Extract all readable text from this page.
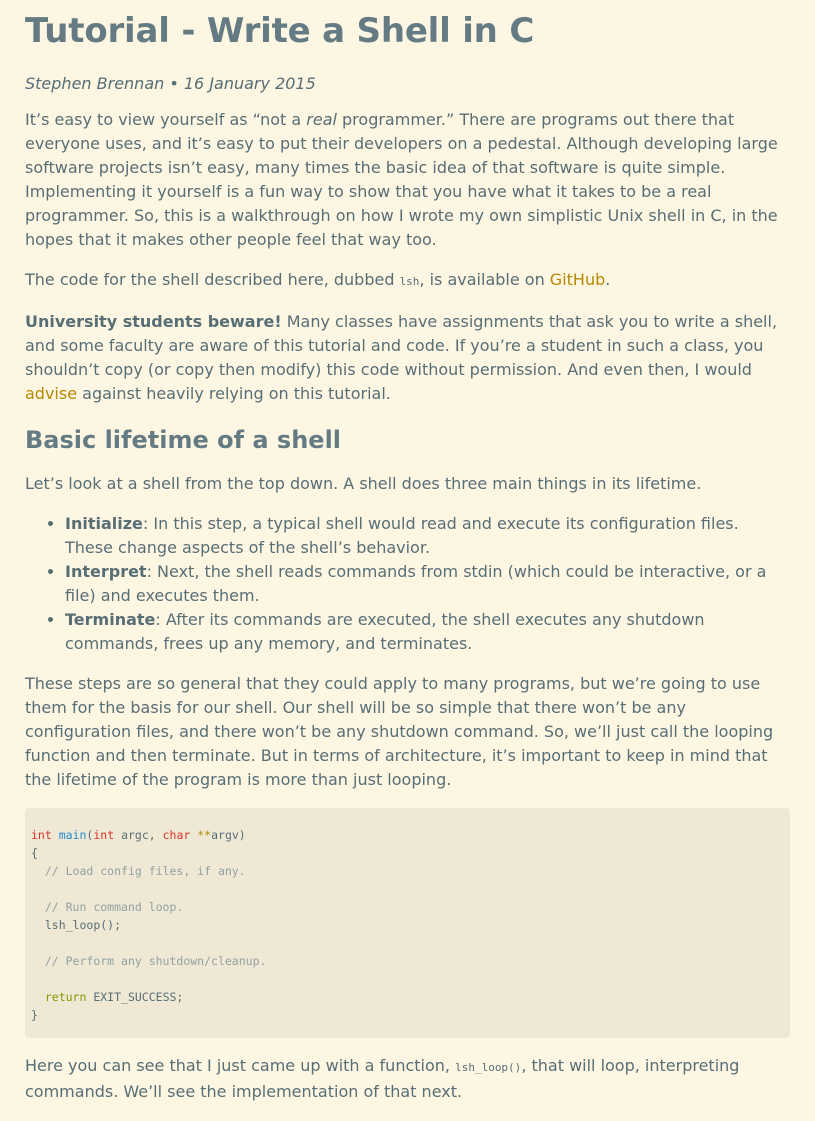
Tutorial - Write a Shell in C
Stephen Brennan • 16 January 2015

It’s easy to view yourself as “not a real programmer.” There are programs out there that everyone uses, and it’s easy to put their developers on a pedestal. Although developing large software projects isn’t easy, many times the basic idea of that software is quite simple. Implementing it yourself is a fun way to show that you have what it takes to be a real programmer. So, this is a walkthrough on how I wrote my own simplistic Unix shell in C, in the hopes that it makes other people feel that way too.

The code for the shell described here, dubbed lsh, is available on GitHub.

University students beware! Many classes have assignments that ask you to write a shell, and some faculty are aware of this tutorial and code. If you’re a student in such a class, you shouldn’t copy (or copy then modify) this code without permission. And even then, I would advise against heavily relying on this tutorial.

Basic lifetime of a shell

Let’s look at a shell from the top down. A shell does three main things in its lifetime.

• Initialize: In this step, a typical shell would read and execute its configuration files. These change aspects of the shell’s behavior.
• Interpret: Next, the shell reads commands from stdin (which could be interactive, or a file) and executes them.
• Terminate: After its commands are executed, the shell executes any shutdown commands, frees up any memory, and terminates.

These steps are so general that they could apply to many programs, but we’re going to use them for the basis for our shell. Our shell will be so simple that there won’t be any configuration files, and there won’t be any shutdown command. So, we’ll just call the looping function and then terminate. But in terms of architecture, it’s important to keep in mind that the lifetime of the program is more than just looping.

int main(int argc, char **argv)
{
// Load config files, if any.

// Run command loop.
lsh_loop();

// Perform any shutdown/cleanup.

return EXIT_SUCCESS;
}

Here you can see that I just came up with a function, lsh_loop(), that will loop, interpreting commands. We’ll see the implementation of that next.
